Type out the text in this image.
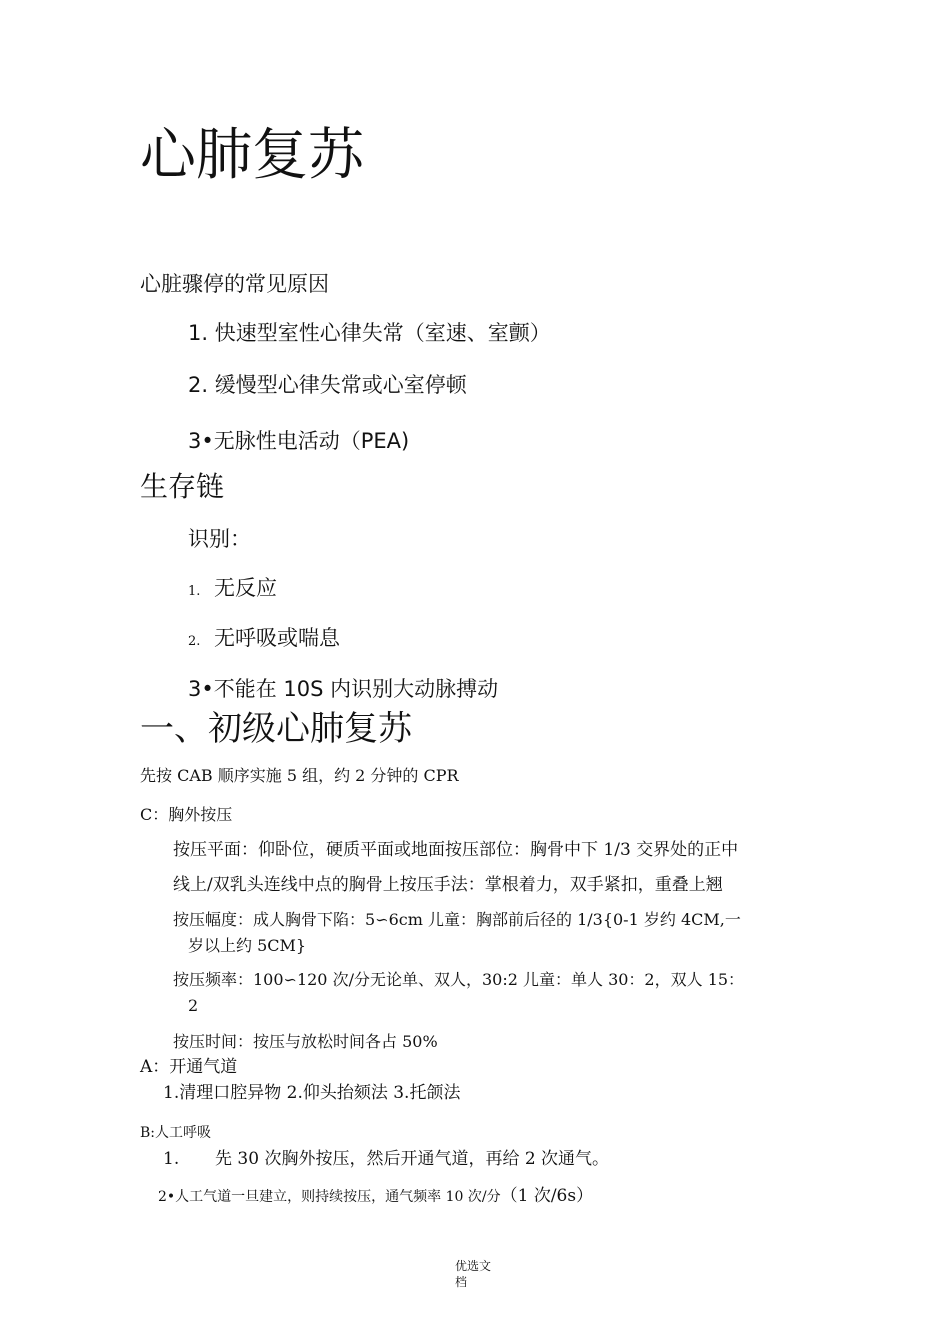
心肺复苏
心脏骤停的常见原因
1. 快速型室性心律失常（室速、室颤）
2. 缓慢型心律失常或心室停顿
3•无脉性电活动（PEA)
生存链
识别：
1. 无反应
2. 无呼吸或喘息
3•不能在 10S 内识别大动脉搏动
一、初级心肺复苏
先按 CAB 顺序实施 5 组，约 2 分钟的 CPR
C：胸外按压
按压平面：仰卧位，硬质平面或地面按压部位：胸骨中下 1/3 交界处的正中
线上/双乳头连线中点的胸骨上按压手法：掌根着力，双手紧扣，重叠上翘
按压幅度：成人胸骨下陷：5∽6cm 儿童：胸部前后径的 1/3{0-1 岁约 4CM,一
岁以上约 5CM}
按压频率：100∽120 次/分无论单、双人，30:2 儿童：单人 30：2，双人 15：
2
按压时间：按压与放松时间各占 50%
A：开通气道
1.清理口腔异物 2.仰头抬颏法 3.托颌法
B:人工呼吸
1. 先 30 次胸外按压，然后开通气道，再给 2 次通气。
2•人工气道一旦建立，则持续按压，通气频率 10 次/分（1 次/6s）
优选文
档
